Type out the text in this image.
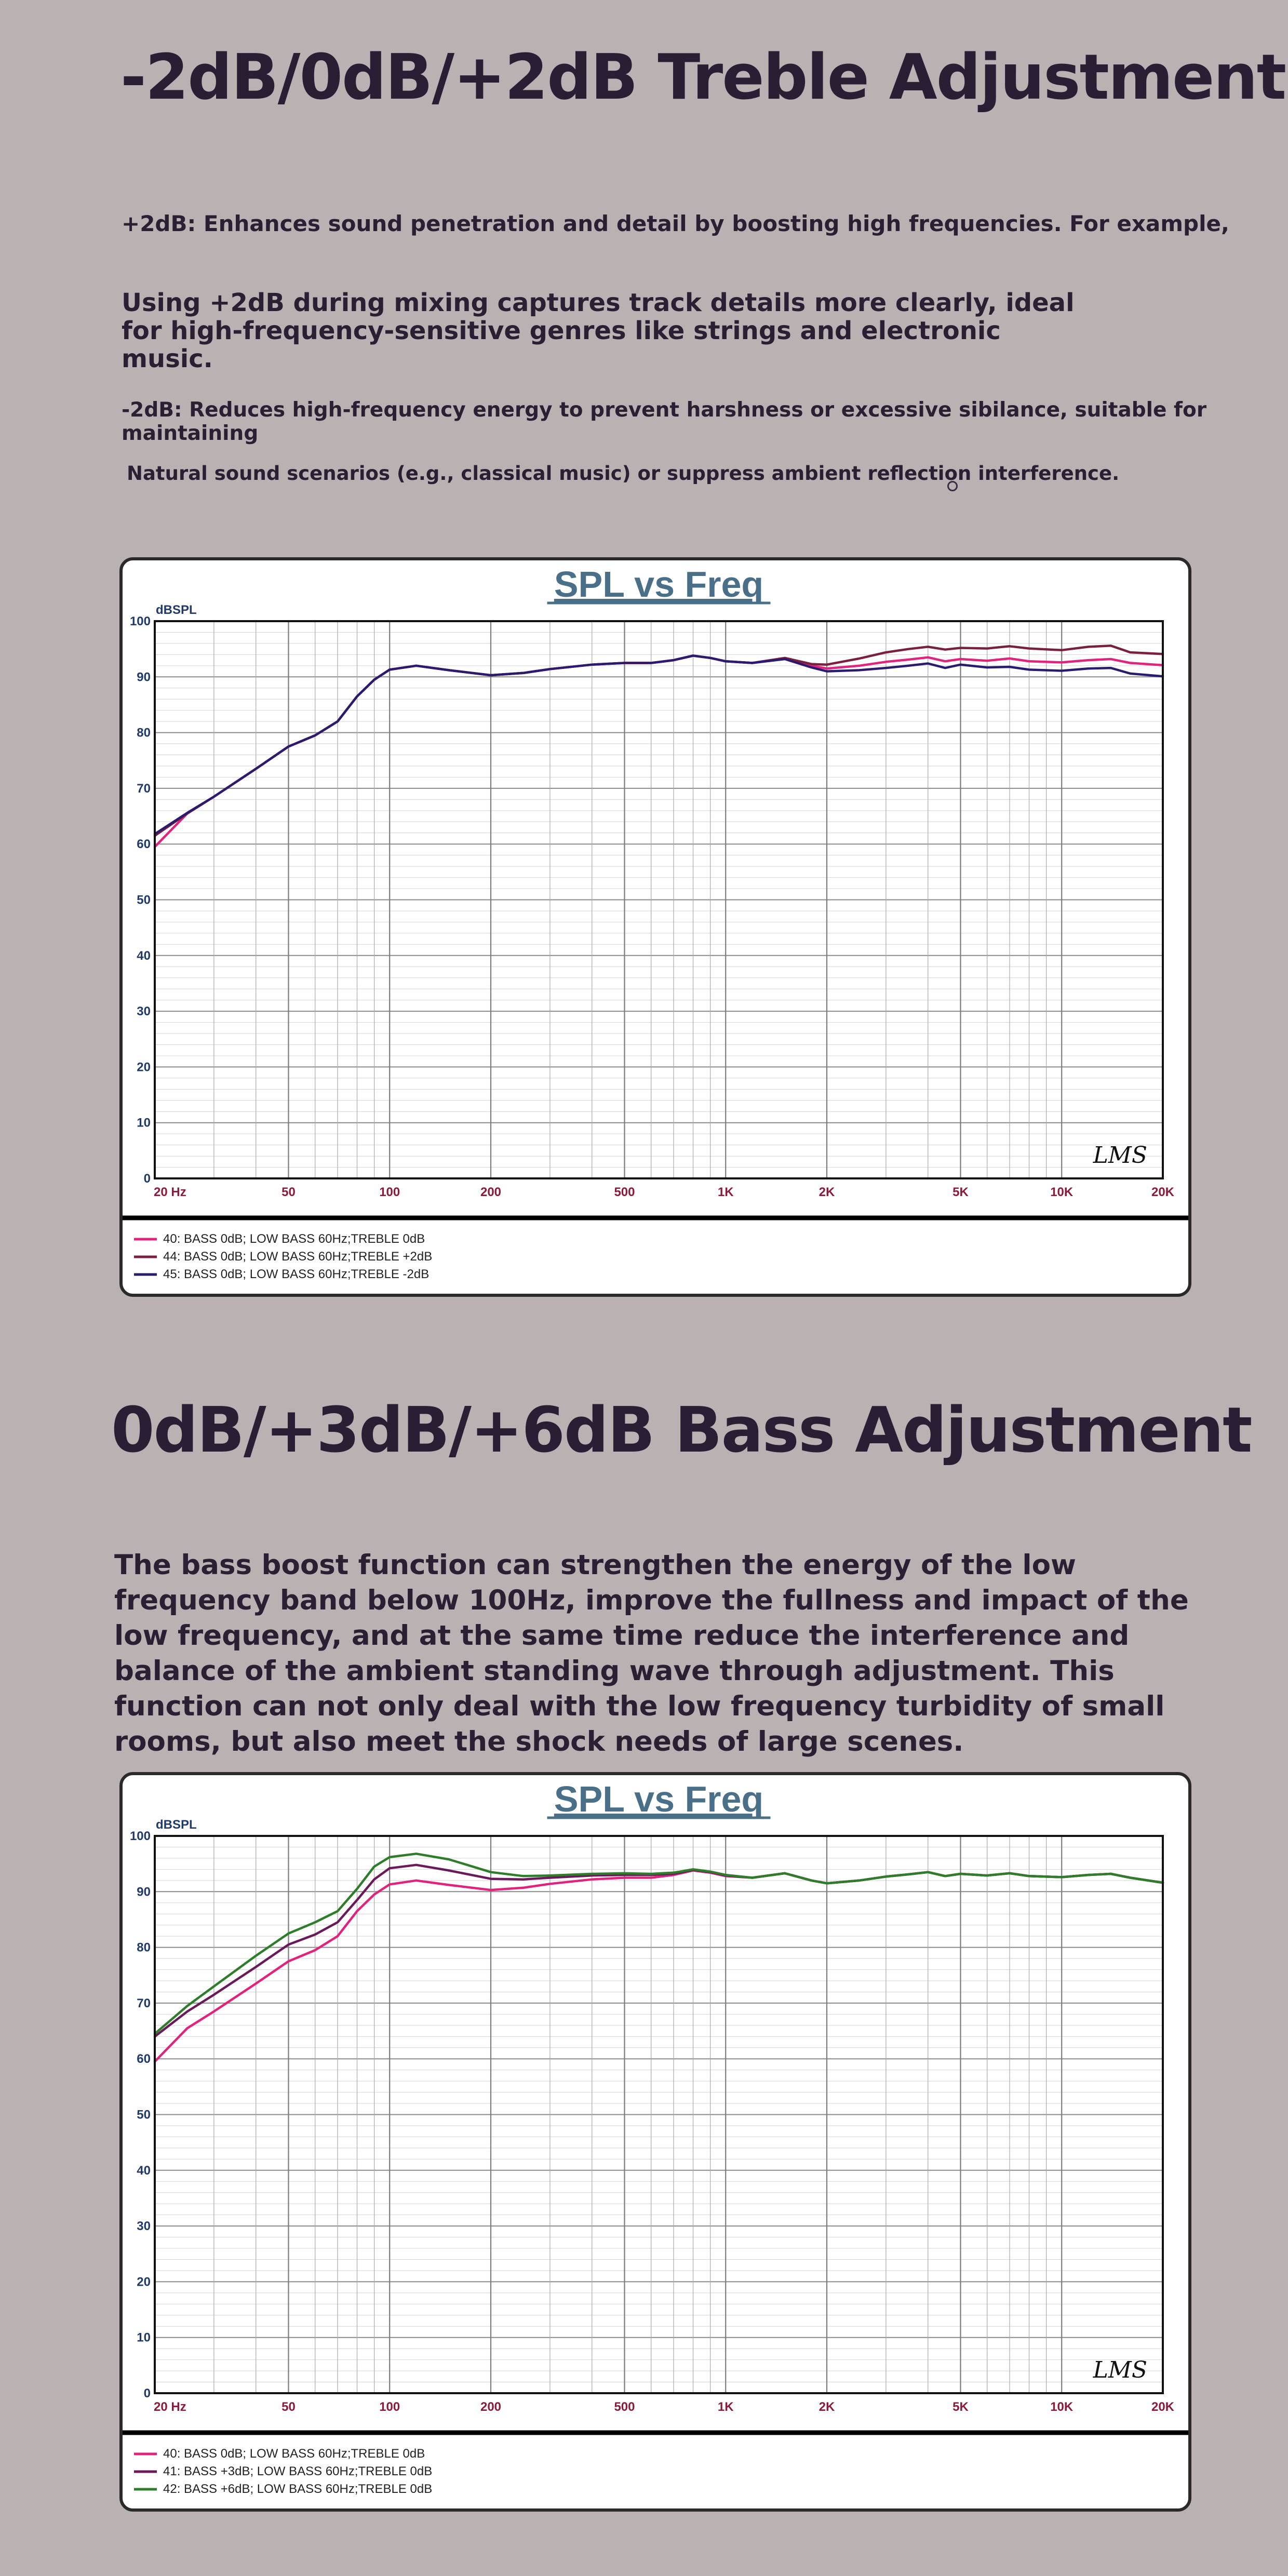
-2dB/0dB/+2dB Treble Adjustment

+2dB: Enhances sound penetration and detail by boosting high frequencies. For example,

Using +2dB during mixing captures track details more clearly, ideal for high-frequency-sensitive genres like strings and electronic music.

-2dB: Reduces high-frequency energy to prevent harshness or excessive sibilance, suitable for maintaining

Natural sound scenarios (e.g., classical music) or suppress ambient reflection interference.

SPL vs Freq
dBSPL
0
10
20
30
40
50
60
70
80
90
100
20 Hz	50	100	200	500	1K	2K	5K	10K	20K
LMS
40: BASS 0dB; LOW BASS 60Hz;TREBLE 0dB
44: BASS 0dB; LOW BASS 60Hz;TREBLE +2dB
45: BASS 0dB; LOW BASS 60Hz;TREBLE -2dB
0dB/+3dB/+6dB Bass Adjustment

The bass boost function can strengthen the energy of the low frequency band below 100Hz, improve the fullness and impact of the low frequency, and at the same time reduce the interference and balance of the ambient standing wave through adjustment. This function can not only deal with the low frequency turbidity of small rooms, but also meet the shock needs of large scenes.

SPL vs Freq
dBSPL
0
10
20
30
40
50
60
70
80
90
100
20 Hz	50	100	200	500	1K	2K	5K	10K	20K
LMS
40: BASS 0dB; LOW BASS 60Hz;TREBLE 0dB
41: BASS +3dB; LOW BASS 60Hz;TREBLE 0dB
42: BASS +6dB; LOW BASS 60Hz;TREBLE 0dB
